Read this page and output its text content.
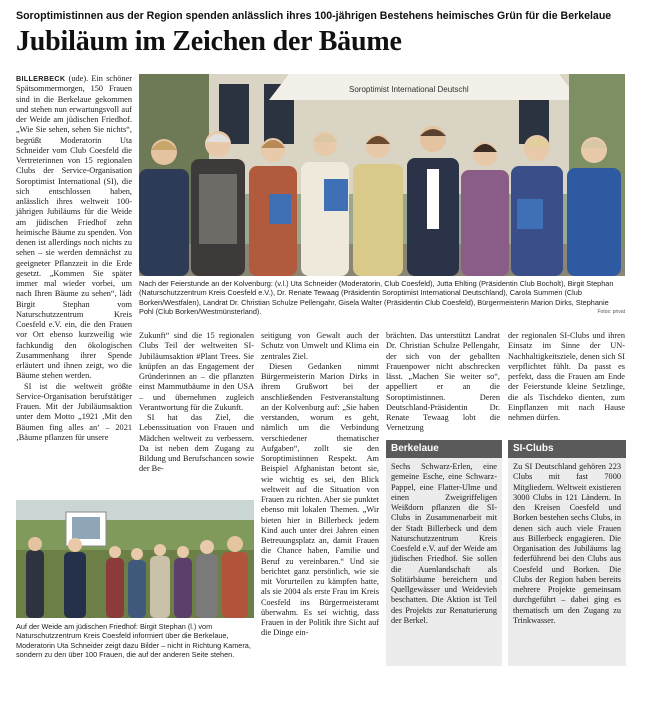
Soroptimistinnen aus der Region spenden anlässlich ihres 100-jährigen Bestehens heimisches Grün für die Berkelaue
Jubiläum im Zeichen der Bäume

BILLERBECK (ude). Ein schöner Spätsommermorgen, 150 Frauen sind in die Berkelaue gekommen und stehen nun erwartungsvoll auf der Weide am jüdischen Friedhof. „Wie Sie sehen, sehen Sie nichts“, begrüßt Moderatorin Uta Schneider vom Club Coesfeld die Vertreterinnen von 15 regionalen Clubs der Service-Organisation Soroptimist International (SI), die sich entschlossen haben, anlässlich ihres weltweit 100-jährigen Jubiläums für die Weide am jüdischen Friedhof zehn heimische Bäume zu spenden. Von denen ist allerdings noch nichts zu sehen – sie werden demnächst zu geeigneter Pflanzzeit in die Erde gesetzt. „Kommen Sie später immer mal wieder vorbei, um nach Ihren Bäume zu sehen“, lädt Birgit Stephan vom Naturschutzzentrum Kreis Coesfeld e.V. ein, die den Frauen vor Ort ebenso kurzweilig wie fachkundig den ökologischen Zusammenhang ihrer Spende erläutert und ihnen zeigt, wo die Bäume stehen werden.

SI ist die weltweit größte Service-Organisation berufstätiger Frauen. Mit der Jubiläumsaktion unter dem Motto „1921 ‚Mit den Bäumen fing alles an‘ – 2021 ‚Bäume pflanzen für unsere

Soroptimist International Deutschl
Nach der Feierstunde an der Kolvenburg: (v.l.) Uta Schneider (Moderatorin, Club Coesfeld), Jutta Ehlting (Präsidentin Club Bocholt), Birgit Stephan (Naturschutzzentrum Kreis Coesfeld e.V.), Dr. Renate Tewaag (Präsidentin Soroptimist International Deutschland), Carola Summen (Club Borken/Westfalen), Landrat Dr. Christian Schulze Pellengahr, Gisela Walter (Präsidentin Club Coesfeld), Bürgermeisterin Marion Dirks, Stephanie Pohl (Club Borken/Westmünsterland).	Fotos: privat

Zukunft“ sind die 15 regionalen Clubs Teil der weltweiten SI-Jubiläumsaktion #Plant Trees. Sie knüpfen an das Engagement der Gründerinnen an – die pflanzten einst Mammutbäume in den USA – und übernehmen zugleich Verantwortung für die Zukunft.

SI hat das Ziel, die Lebenssituation von Frauen und Mädchen weltweit zu verbessern. Da ist neben dem Zugang zu Bildung und Berufschancen sowie der Be-

Auf der Weide am jüdischen Friedhof: Birgit Stephan (l.) vom Naturschutzzentrum Kreis Coesfeld informiert über die Berkelaue, Moderatorin Uta Schneider zeigt dazu Bilder – nicht in Richtung Kamera, sondern zu den über 100 Frauen, die auf der anderen Seite stehen.

seitigung von Gewalt auch der Schutz von Umwelt und Klima ein zentrales Ziel.

Diesen Gedanken nimmt Bürgermeisterin Marion Dirks in ihrem Grußwort bei der anschließenden Festveranstaltung an der Kolvenburg auf: „Sie haben verstanden, worum es geht, nämlich um die Verbindung verschiedener thematischer Aufgaben“, zollt sie den Soroptimistinnen Respekt. Am Beispiel Afghanistan betont sie, wie wichtig es sei, den Blick weltweit auf die Situation von Frauen zu richten. Aber sie punktet ebenso mit lokalen Themen. „Wir bieten hier in Billerbeck jedem Kind auch unter drei Jahren einen Betreuungsplatz an, damit Frauen die Chance haben, Familie und Beruf zu vereinbaren.“ Und sie berichtet ganz persönlich, wie sie mit Vorurteilen zu kämpfen hatte, als sie 2004 als erste Frau im Kreis Coesfeld ins Bürgermeisteramt überwahm. Es sei wichtig, dass Frauen in der Politik ihre Sicht auf die Dinge ein-

brächten. Das unterstützt Landrat Dr. Christian Schulze Pellengahr, der sich von der geballten Frauenpower nicht abschrecken lässt. „Machen Sie weiter so“, appelliert er an die Soroptimistinnen. Deren Deutschland-Präsidentin Dr. Renate Tewaag lobt die Vernetzung

der regionalen SI-Clubs und ihren Einsatz im Sinne der UN-Nachhaltigkeitsziele, denen sich SI verpflichtet fühlt. Da passt es perfekt, dass die Frauen am Ende der Feierstunde kleine Setzlinge, die als Tischdeko dienten, zum Einpflanzen mit nach Hause nehmen dürfen.

Berkelaue
Sechs Schwarz-Erlen, eine gemeine Esche, eine Schwarz-Pappel, eine Flatter-Ulme und einen Zweigriffeligen Weißdorn pflanzen die SI-Clubs in Zusammenarbeit mit der Stadt Billerbeck und dem Naturschutzzentrum Kreis Coesfeld e.V. auf der Weide am jüdischen Friedhof. Sie sollen die Auenlandschaft als Solitärbäume bereichern und Quellgewässer und Weidevieh beschatten. Die Aktion ist Teil des Projekts zur Renaturierung der Berkel.
SI-Clubs
Zu SI Deutschland gehören 223 Clubs mit fast 7000 Mitgliedern. Weltweit existieren 3000 Clubs in 121 Ländern. In den Kreisen Coesfeld und Borken bestehen sechs Clubs, in denen sich auch viele Frauen aus Billerbeck engagieren. Die Organisation des Jubiläums lag federführend bei den Clubs aus Coesfeld und Borken. Die Clubs der Region haben bereits mehrere Projekte gemeinsam durchgeführt – dabei ging es thematisch um den Zugang zu Trinkwasser.
